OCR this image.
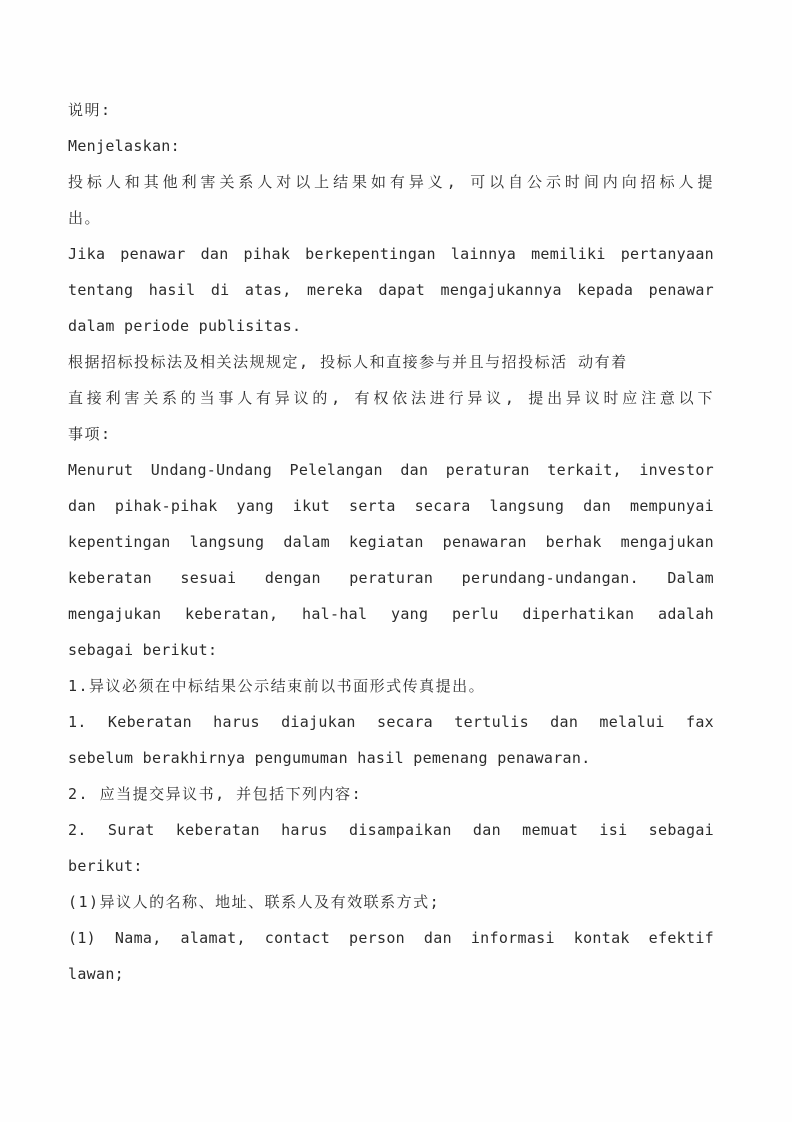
说明:
Menjelaskan:
投标人和其他利害关系人对以上结果如有异义, 可以自公示时间内向招标人提
出。
Jika penawar dan pihak berkepentingan lainnya memiliki pertanyaan
tentang hasil di atas, mereka dapat mengajukannya kepada penawar
dalam periode publisitas.
根据招标投标法及相关法规规定, 投标人和直接参与并且与招投标活 动有着
直接利害关系的当事人有异议的, 有权依法进行异议, 提出异议时应注意以下
事项:
Menurut Undang-Undang Pelelangan dan peraturan terkait, investor
dan pihak-pihak yang ikut serta secara langsung dan mempunyai
kepentingan langsung dalam kegiatan penawaran berhak mengajukan
keberatan sesuai dengan peraturan perundang-undangan. Dalam
mengajukan keberatan, hal-hal yang perlu diperhatikan adalah
sebagai berikut:
1.异议必须在中标结果公示结束前以书面形式传真提出。
1. Keberatan harus diajukan secara tertulis dan melalui fax
sebelum berakhirnya pengumuman hasil pemenang penawaran.
2. 应当提交异议书, 并包括下列内容:
2. Surat keberatan harus disampaikan dan memuat isi sebagai
berikut:
(1)异议人的名称、地址、联系人及有效联系方式;
(1) Nama, alamat, contact person dan informasi kontak efektif
lawan;
